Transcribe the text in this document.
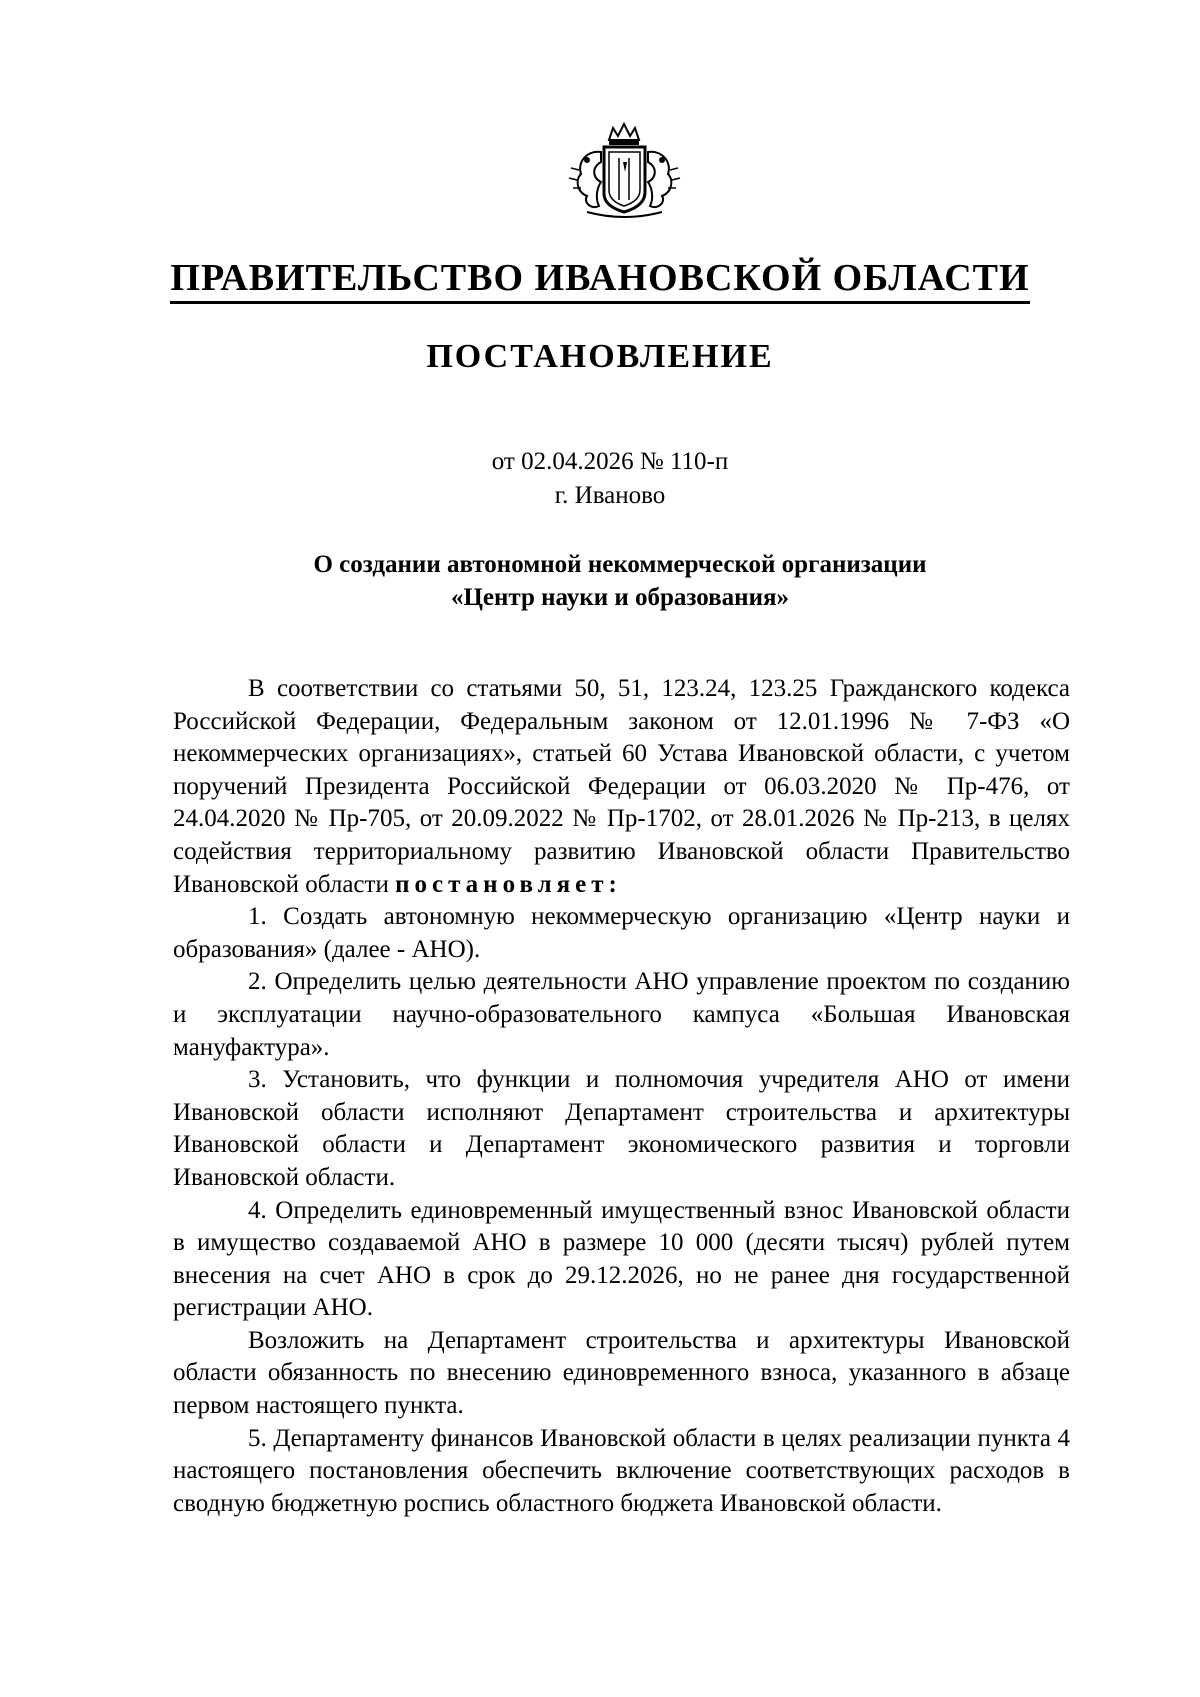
ПРАВИТЕЛЬСТВО ИВАНОВСКОЙ ОБЛАСТИ
ПОСТАНОВЛЕНИЕ
от 02.04.2026 № 110-п
г. Иваново
О создании автономной некоммерческой организации
«Центр науки и образования»

В соответствии со статьями 50, 51, 123.24, 123.25 Гражданского кодекса Российской Федерации, Федеральным законом от 12.01.1996 № 7-ФЗ «О некоммерческих организациях», статьей 60 Устава Ивановской области, с учетом поручений Президента Российской Федерации от 06.03.2020 № Пр-476, от 24.04.2020 № Пр-705, от 20.09.2022 № Пр-1702, от 28.01.2026 № Пр-213, в целях содействия территориальному развитию Ивановской области Правительство Ивановской области постановляет:

1. Создать автономную некоммерческую организацию «Центр науки и образования» (далее - АНО).

2. Определить целью деятельности АНО управление проектом по созданию и эксплуатации научно-образовательного кампуса «Большая Ивановская мануфактура».

3. Установить, что функции и полномочия учредителя АНО от имени Ивановской области исполняют Департамент строительства и архитектуры Ивановской области и Департамент экономического развития и торговли Ивановской области.

4. Определить единовременный имущественный взнос Ивановской области в имущество создаваемой АНО в размере 10 000 (десяти тысяч) рублей путем внесения на счет АНО в срок до 29.12.2026, но не ранее дня государственной регистрации АНО.

Возложить на Департамент строительства и архитектуры Ивановской области обязанность по внесению единовременного взноса, указанного в абзаце первом настоящего пункта.

5. Департаменту финансов Ивановской области в целях реализации пункта 4 настоящего постановления обеспечить включение соответствующих расходов в сводную бюджетную роспись областного бюджета Ивановской области.
